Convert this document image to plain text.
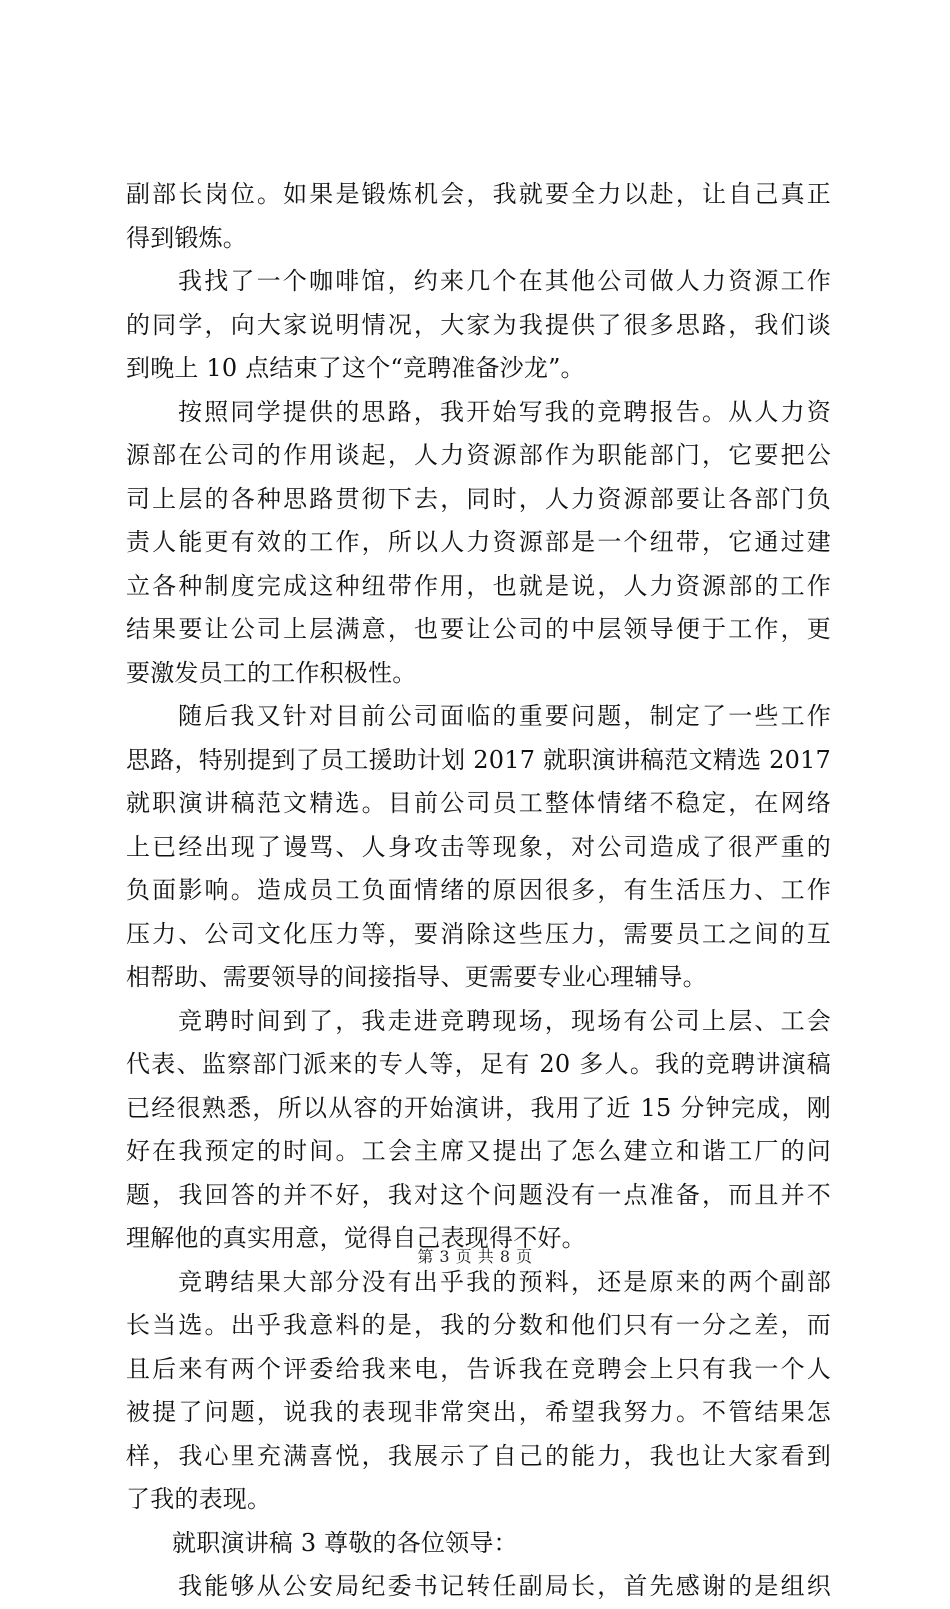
副部长岗位。如果是锻炼机会，我就要全力以赴，让自己真正
得到锻炼。
我找了一个咖啡馆，约来几个在其他公司做人力资源工作
的同学，向大家说明情况，大家为我提供了很多思路，我们谈
到晚上 10 点结束了这个“竞聘准备沙龙”。
按照同学提供的思路，我开始写我的竞聘报告。从人力资
源部在公司的作用谈起，人力资源部作为职能部门，它要把公
司上层的各种思路贯彻下去，同时，人力资源部要让各部门负
责人能更有效的工作，所以人力资源部是一个纽带，它通过建
立各种制度完成这种纽带作用，也就是说，人力资源部的工作
结果要让公司上层满意，也要让公司的中层领导便于工作，更
要激发员工的工作积极性。
随后我又针对目前公司面临的重要问题，制定了一些工作
思路，特别提到了员工援助计划 2017 就职演讲稿范文精选 2017
就职演讲稿范文精选。目前公司员工整体情绪不稳定，在网络
上已经出现了谩骂、人身攻击等现象，对公司造成了很严重的
负面影响。造成员工负面情绪的原因很多，有生活压力、工作
压力、公司文化压力等，要消除这些压力，需要员工之间的互
相帮助、需要领导的间接指导、更需要专业心理辅导。
竞聘时间到了，我走进竞聘现场，现场有公司上层、工会
代表、监察部门派来的专人等，足有 20 多人。我的竞聘讲演稿
已经很熟悉，所以从容的开始演讲，我用了近 15 分钟完成，刚
好在我预定的时间。工会主席又提出了怎么建立和谐工厂的问
题，我回答的并不好，我对这个问题没有一点准备，而且并不
理解他的真实用意，觉得自己表现得不好。
竞聘结果大部分没有出乎我的预料，还是原来的两个副部
长当选。出乎我意料的是，我的分数和他们只有一分之差，而
且后来有两个评委给我来电，告诉我在竞聘会上只有我一个人
被提了问题，说我的表现非常突出，希望我努力。不管结果怎
样，我心里充满喜悦，我展示了自己的能力，我也让大家看到
了我的表现。
就职演讲稿 3 尊敬的各位领导：
我能够从公安局纪委书记转任副局长，首先感谢的是组织
第 3 页 共 8 页
